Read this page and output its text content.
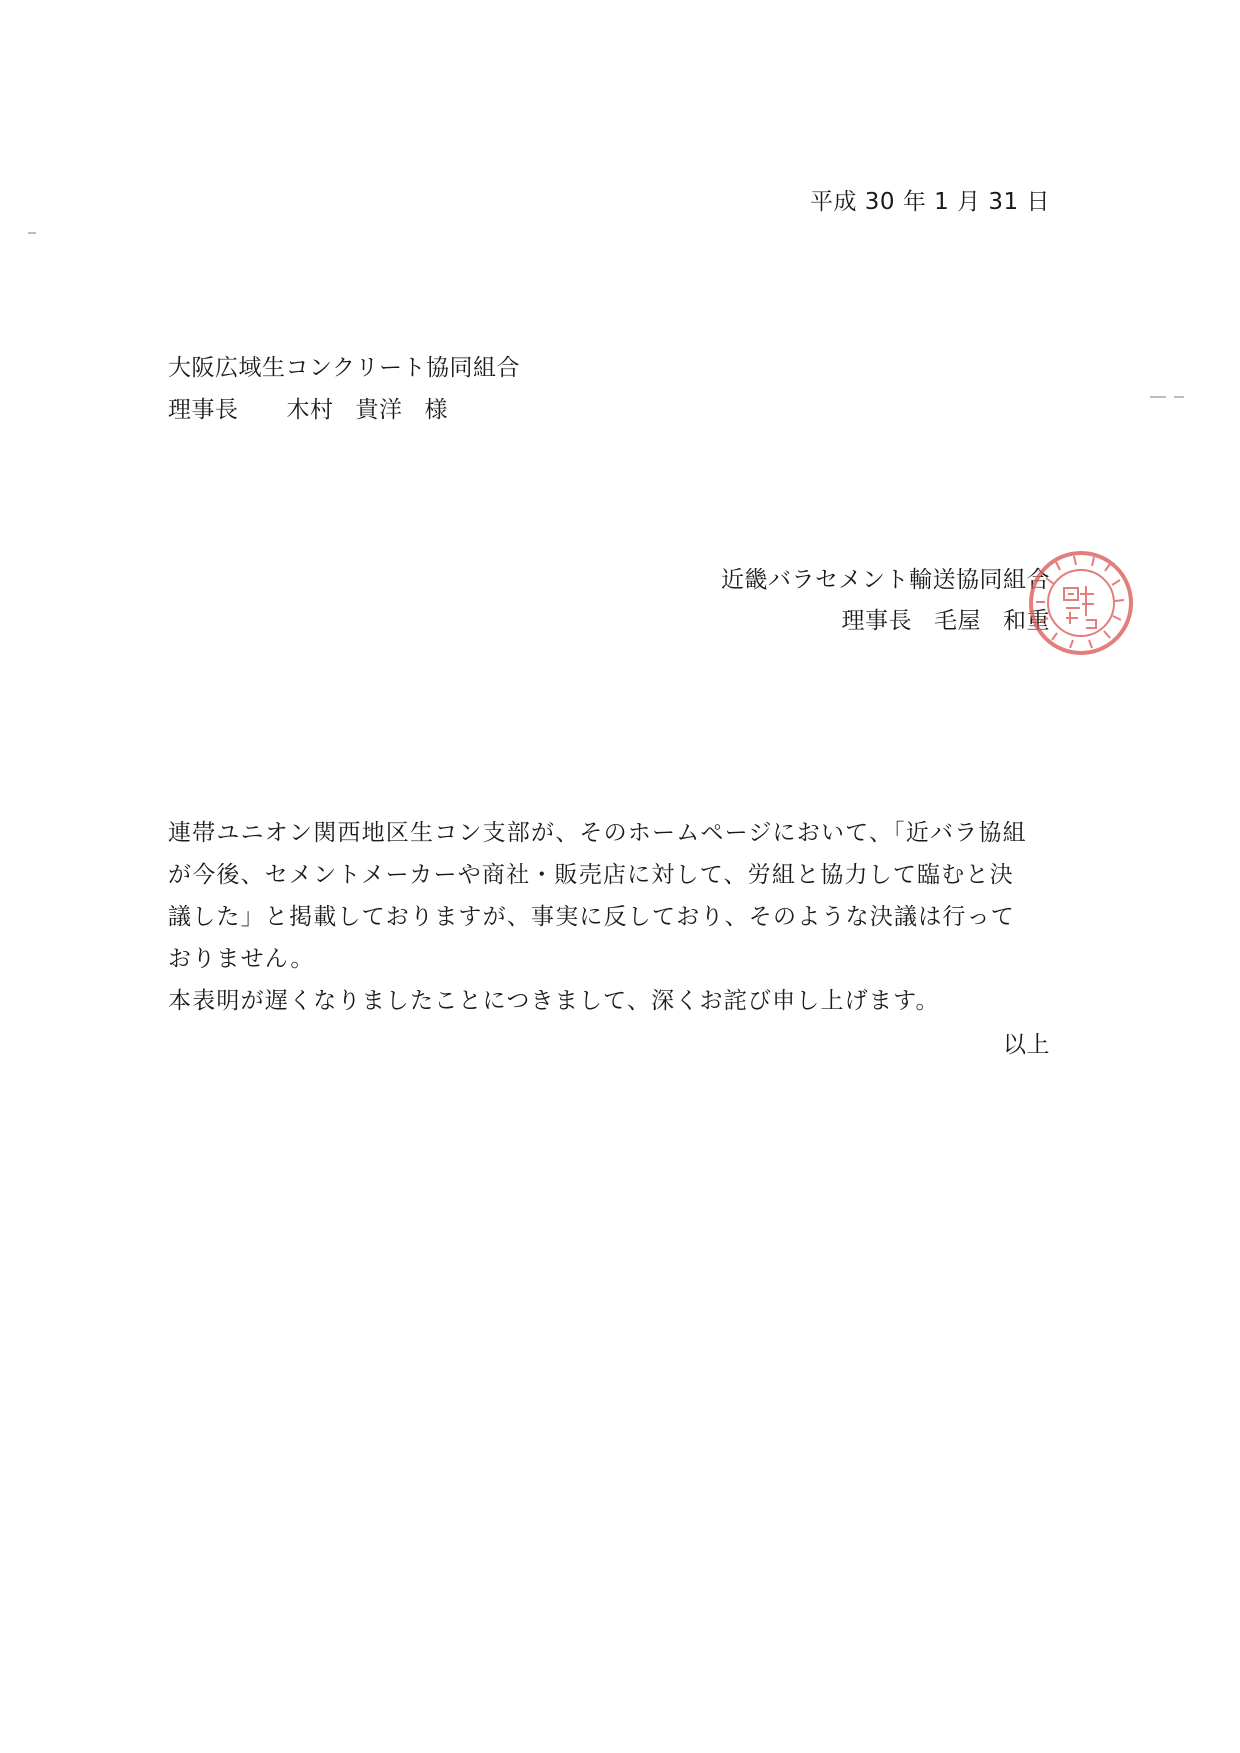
平成 30 年 1 月 31 日
大阪広域生コンクリート協同組合
理事長 木村 貴洋 様
近畿バラセメント輸送協同組合
理事長 毛屋 和重

連帯ユニオン関西地区生コン支部が、そのホームページにおいて、「近バラ協組

が今後、セメントメーカーや商社・販売店に対して、労組と協力して臨むと決

議した」と掲載しておりますが、事実に反しており、そのような決議は行って

おりません。

本表明が遅くなりましたことにつきまして、深くお詫び申し上げます。

以上
